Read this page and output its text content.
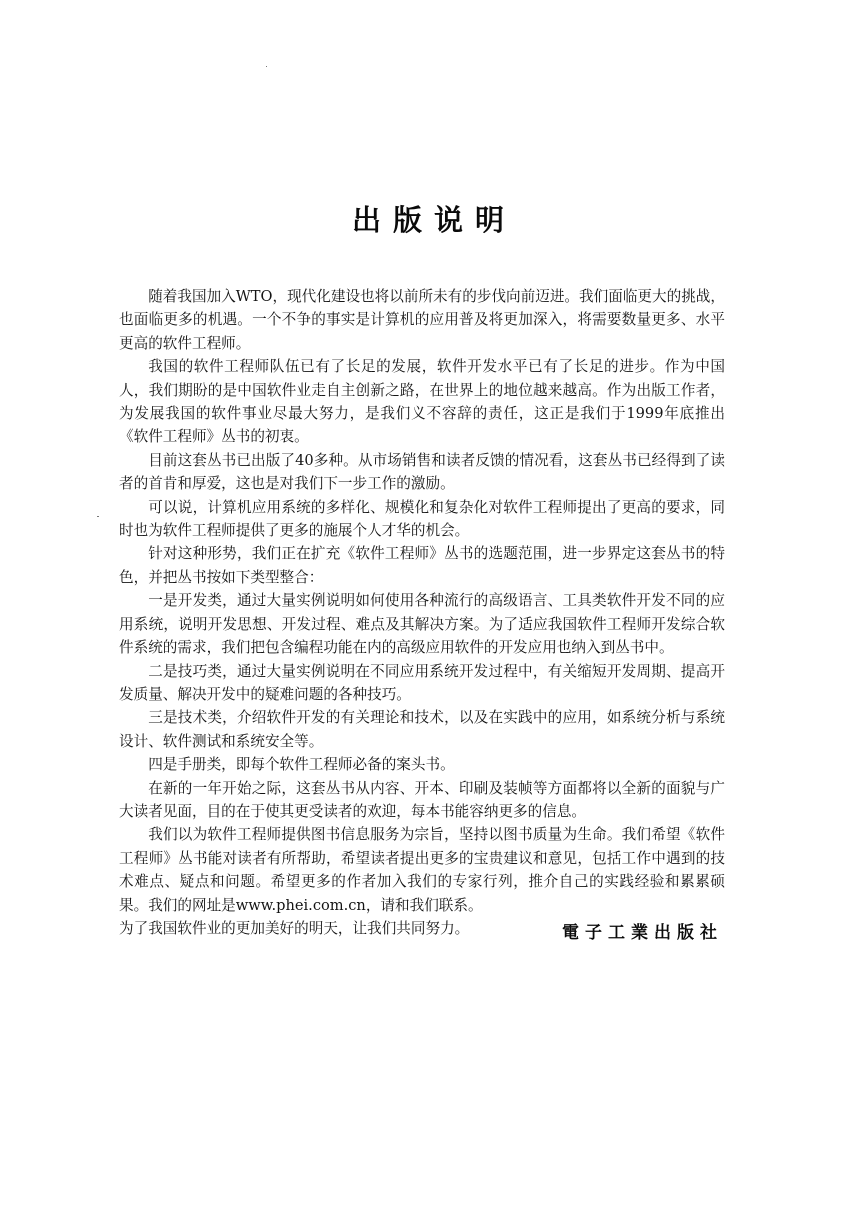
出版说明

随着我国加入WTO，现代化建设也将以前所未有的步伐向前迈进。我们面临更大的挑战，也面临更多的机遇。一个不争的事实是计算机的应用普及将更加深入，将需要数量更多、水平更高的软件工程师。

我国的软件工程师队伍已有了长足的发展，软件开发水平已有了长足的进步。作为中国人，我们期盼的是中国软件业走自主创新之路，在世界上的地位越来越高。作为出版工作者，为发展我国的软件事业尽最大努力，是我们义不容辞的责任，这正是我们于1999年底推出《软件工程师》丛书的初衷。

目前这套丛书已出版了40多种。从市场销售和读者反馈的情况看，这套丛书已经得到了读者的首肯和厚爱，这也是对我们下一步工作的激励。

可以说，计算机应用系统的多样化、规模化和复杂化对软件工程师提出了更高的要求，同时也为软件工程师提供了更多的施展个人才华的机会。

针对这种形势，我们正在扩充《软件工程师》丛书的选题范围，进一步界定这套丛书的特色，并把丛书按如下类型整合：

一是开发类，通过大量实例说明如何使用各种流行的高级语言、工具类软件开发不同的应用系统，说明开发思想、开发过程、难点及其解决方案。为了适应我国软件工程师开发综合软件系统的需求，我们把包含编程功能在内的高级应用软件的开发应用也纳入到丛书中。

二是技巧类，通过大量实例说明在不同应用系统开发过程中，有关缩短开发周期、提高开发质量、解决开发中的疑难问题的各种技巧。

三是技术类，介绍软件开发的有关理论和技术，以及在实践中的应用，如系统分析与系统设计、软件测试和系统安全等。

四是手册类，即每个软件工程师必备的案头书。

在新的一年开始之际，这套丛书从内容、开本、印刷及装帧等方面都将以全新的面貌与广大读者见面，目的在于使其更受读者的欢迎，每本书能容纳更多的信息。

我们以为软件工程师提供图书信息服务为宗旨，坚持以图书质量为生命。我们希望《软件工程师》丛书能对读者有所帮助，希望读者提出更多的宝贵建议和意见，包括工作中遇到的技术难点、疑点和问题。希望更多的作者加入我们的专家行列，推介自己的实践经验和累累硕果。我们的网址是www.phei.com.cn，请和我们联系。

为了我国软件业的更加美好的明天，让我们共同努力。	電子工業出版社
